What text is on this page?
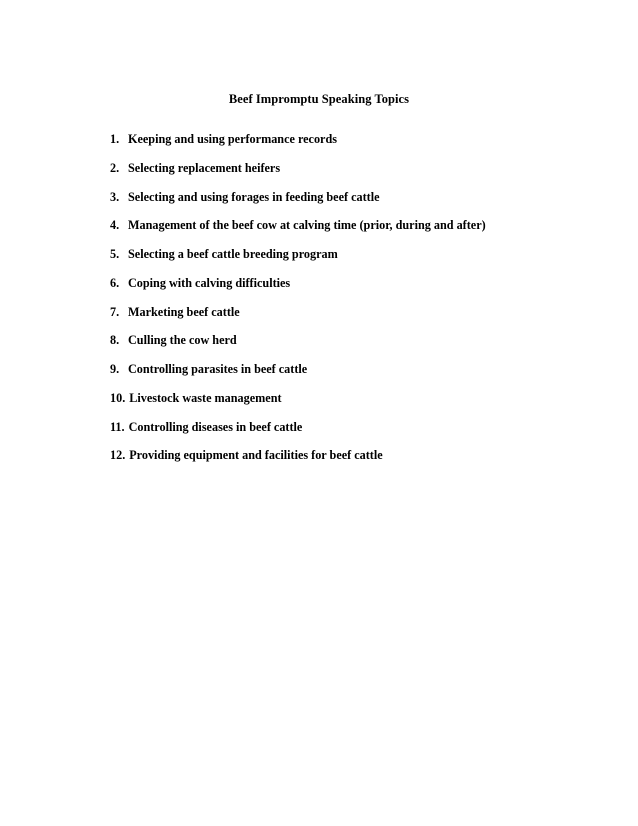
Beef Impromptu Speaking Topics
1. Keeping and using performance records
2. Selecting replacement heifers
3. Selecting and using forages in feeding beef cattle
4. Management of the beef cow at calving time (prior, during and after)
5. Selecting a beef cattle breeding program
6. Coping with calving difficulties
7. Marketing beef cattle
8. Culling the cow herd
9. Controlling parasites in beef cattle
10. Livestock waste management
11. Controlling diseases in beef cattle
12. Providing equipment and facilities for beef cattle
